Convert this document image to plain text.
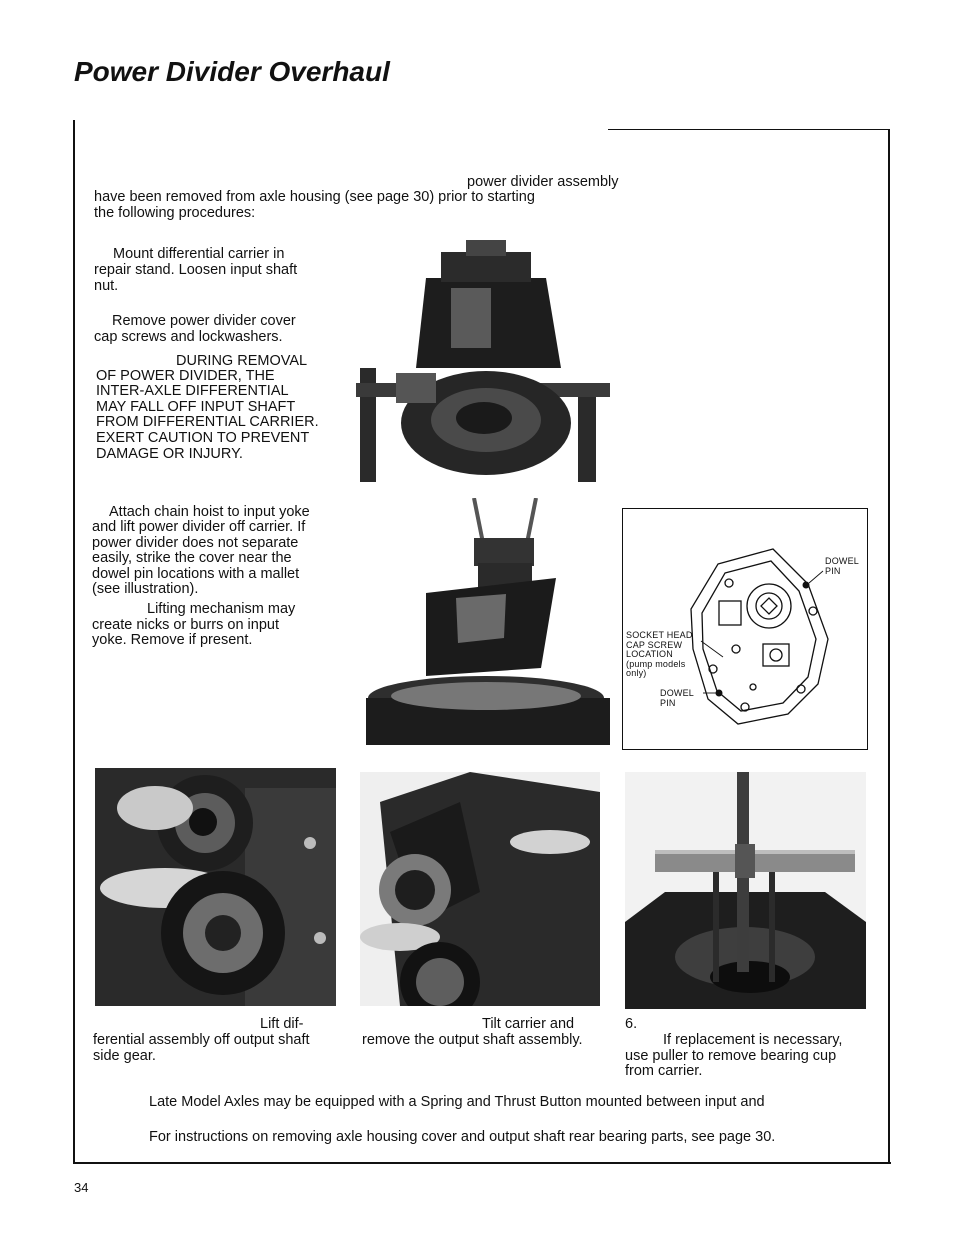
Power Divider Overhaul

power divider assembly

have been removed from axle housing (see page 30) prior to starting

the following procedures:

Mount differential carrier in

repair stand. Loosen input shaft

nut.

Remove power divider cover

cap screws and lockwashers.

DURING REMOVAL

OF POWER DIVIDER, THE

INTER-AXLE DIFFERENTIAL

MAY FALL OFF INPUT SHAFT

FROM DIFFERENTIAL CARRIER.

EXERT CAUTION TO PREVENT

DAMAGE OR INJURY.

Attach chain hoist to input yoke

and lift power divider off carrier. If

power divider does not separate

easily, strike the cover near the

dowel pin locations with a mallet

(see illustration).

Lifting mechanism may

create nicks or burrs on input

yoke. Remove if present.

DOWEL
PIN

SOCKET HEAD
CAP SCREW
LOCATION
(pump models
only)

DOWEL
PIN

Lift dif-

ferential assembly off output shaft

side gear.

Tilt carrier and

remove the output shaft assembly.

6.

If replacement is necessary,

use puller to remove bearing cup

from carrier.

Late Model Axles may be equipped with a Spring and Thrust Button mounted between input and

For instructions on removing axle housing cover and output shaft rear bearing parts, see page 30.

34
